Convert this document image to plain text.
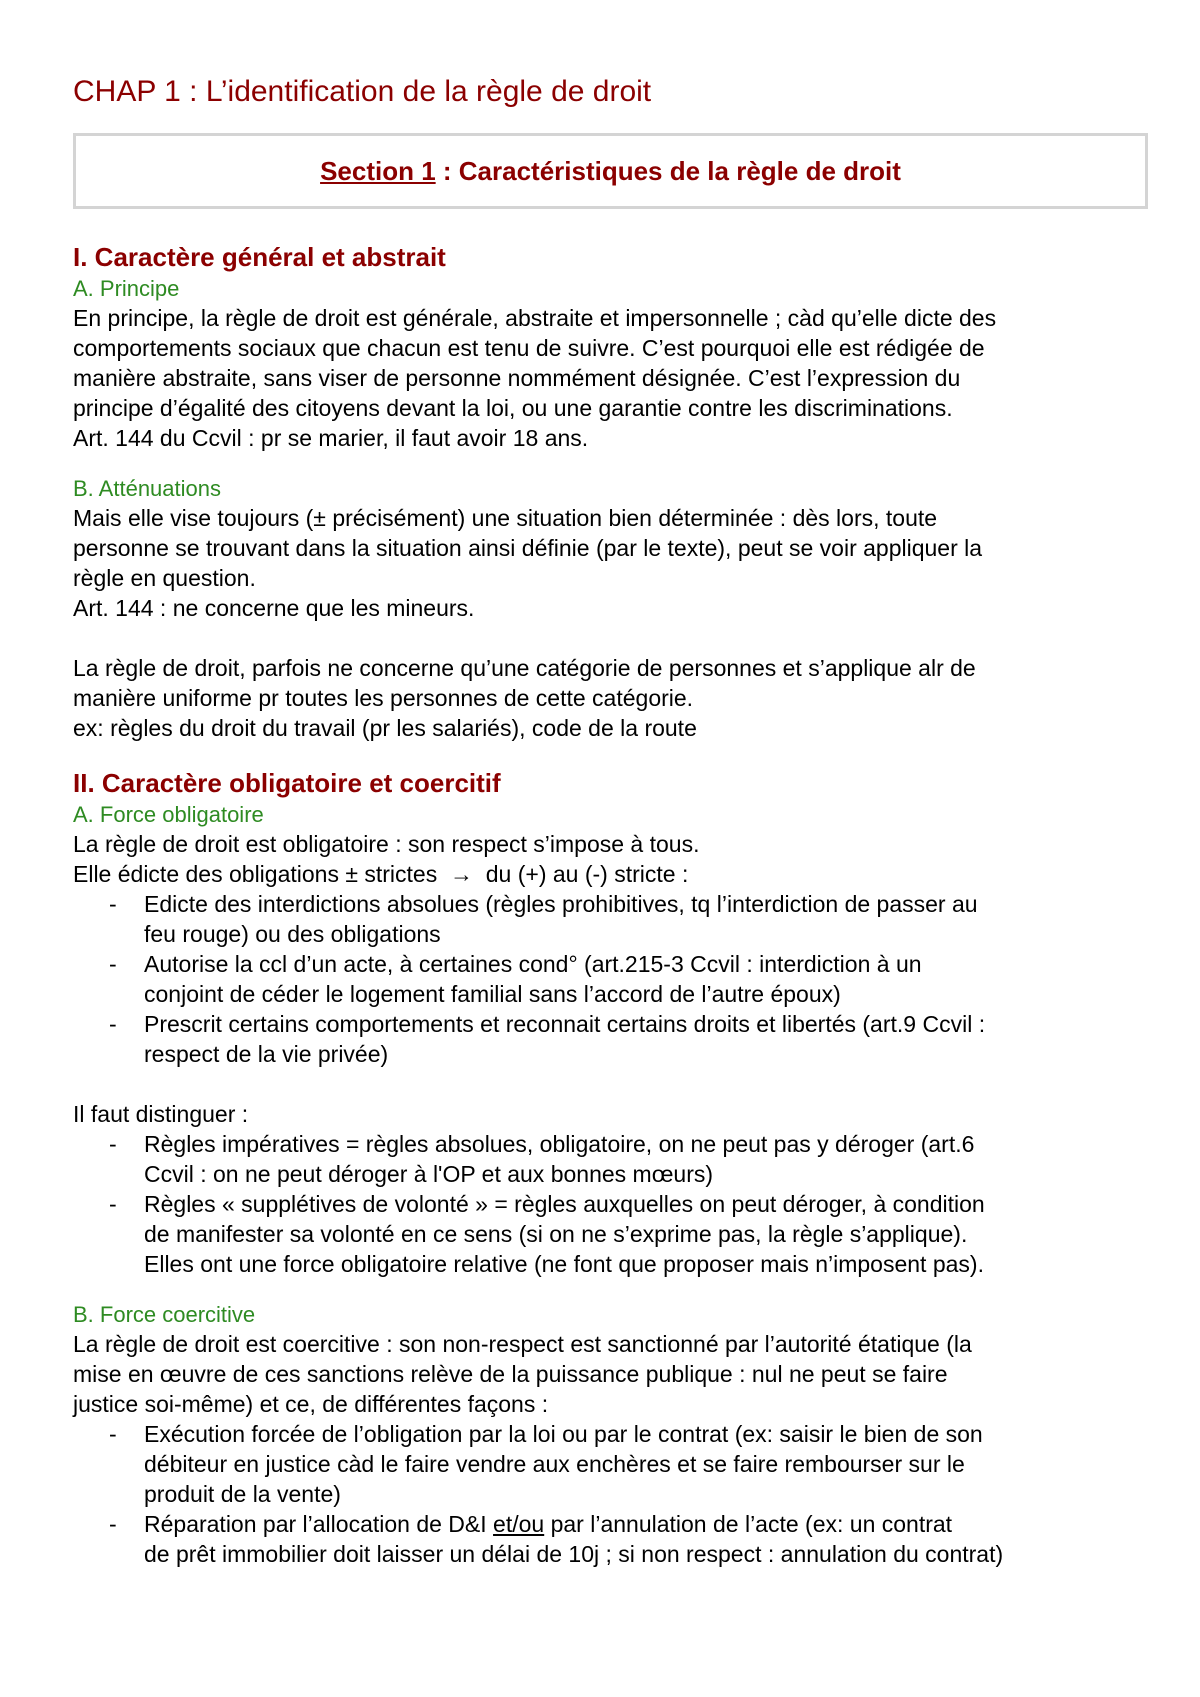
CHAP 1 : L’identification de la règle de droit
Section 1 : Caractéristiques de la règle de droit
I. Caractère général et abstrait
A. Principe

En principe, la règle de droit est générale, abstraite et impersonnelle ; càd qu’elle dicte des

comportements sociaux que chacun est tenu de suivre. C’est pourquoi elle est rédigée de

manière abstraite, sans viser de personne nommément désignée. C’est l’expression du

principe d’égalité des citoyens devant la loi, ou une garantie contre les discriminations.

Art. 144 du Ccvil : pr se marier, il faut avoir 18 ans.

B. Atténuations

Mais elle vise toujours (± précisément) une situation bien déterminée : dès lors, toute

personne se trouvant dans la situation ainsi définie (par le texte), peut se voir appliquer la

règle en question.

Art. 144 : ne concerne que les mineurs.

La règle de droit, parfois ne concerne qu’une catégorie de personnes et s’applique alr de

manière uniforme pr toutes les personnes de cette catégorie.

ex: règles du droit du travail (pr les salariés), code de la route

II. Caractère obligatoire et coercitif
A. Force obligatoire

La règle de droit est obligatoire : son respect s’impose à tous.

Elle édicte des obligations ± strictes  →  du (+) au (-) stricte :

- Edicte des interdictions absolues (règles prohibitives, tq l’interdiction de passer au
feu rouge) ou des obligations
- Autorise la ccl d’un acte, à certaines cond° (art.215-3 Ccvil : interdiction à un
conjoint de céder le logement familial sans l’accord de l’autre époux)
- Prescrit certains comportements et reconnait certains droits et libertés (art.9 Ccvil :
respect de la vie privée)

Il faut distinguer :

- Règles impératives = règles absolues, obligatoire, on ne peut pas y déroger (art.6
Ccvil : on ne peut déroger à l'OP et aux bonnes mœurs)
- Règles « supplétives de volonté » = règles auxquelles on peut déroger, à condition
de manifester sa volonté en ce sens (si on ne s’exprime pas, la règle s’applique).
Elles ont une force obligatoire relative (ne font que proposer mais n’imposent pas).
B. Force coercitive

La règle de droit est coercitive : son non-respect est sanctionné par l’autorité étatique (la

mise en œuvre de ces sanctions relève de la puissance publique : nul ne peut se faire

justice soi-même) et ce, de différentes façons :

- Exécution forcée de l’obligation par la loi ou par le contrat (ex: saisir le bien de son
débiteur en justice càd le faire vendre aux enchères et se faire rembourser sur le
produit de la vente)
- Réparation par l’allocation de D&I et/ou par l’annulation de l’acte (ex: un contrat
de prêt immobilier doit laisser un délai de 10j ; si non respect : annulation du contrat)
